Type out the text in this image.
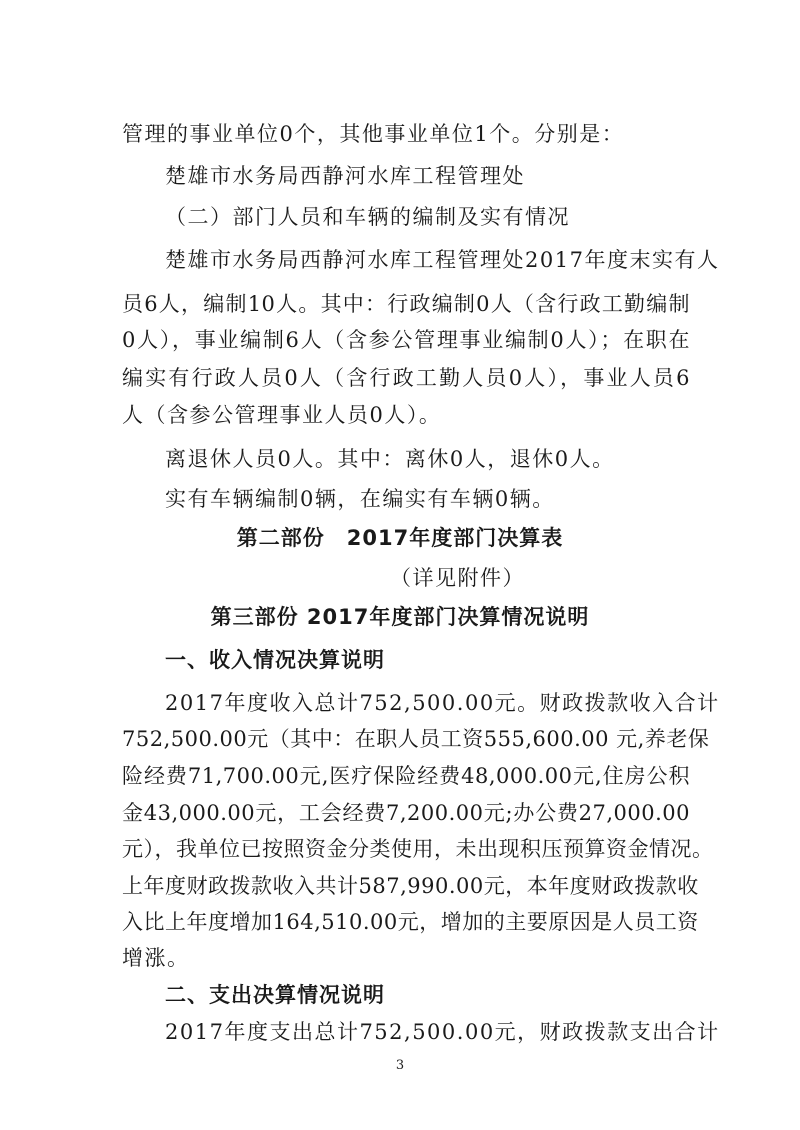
管理的事业单位0个，其他事业单位1个。分别是：
楚雄市水务局西静河水库工程管理处
（二）部门人员和车辆的编制及实有情况
楚雄市水务局西静河水库工程管理处2017年度末实有人
员6人，编制10人。其中：行政编制0人（含行政工勤编制
0人），事业编制6人（含参公管理事业编制0人）；在职在
编实有行政人员0人（含行政工勤人员0人），事业人员6
人（含参公管理事业人员0人）。
离退休人员0人。其中：离休0人，退休0人。
实有车辆编制0辆，在编实有车辆0辆。
第二部份　2017年度部门决算表
（详见附件）
第三部份 2017年度部门决算情况说明
一、收入情况决算说明
2017年度收入总计752,500.00元。财政拨款收入合计
752,500.00元（其中：在职人员工资555,600.00 元,养老保
险经费71,700.00元,医疗保险经费48,000.00元,住房公积
金43,000.00元，工会经费7,200.00元;办公费27,000.00
元），我单位已按照资金分类使用，未出现积压预算资金情况。
上年度财政拨款收入共计587,990.00元，本年度财政拨款收
入比上年度增加164,510.00元，增加的主要原因是人员工资
增涨。
二、支出决算情况说明
2017年度支出总计752,500.00元，财政拨款支出合计
3
